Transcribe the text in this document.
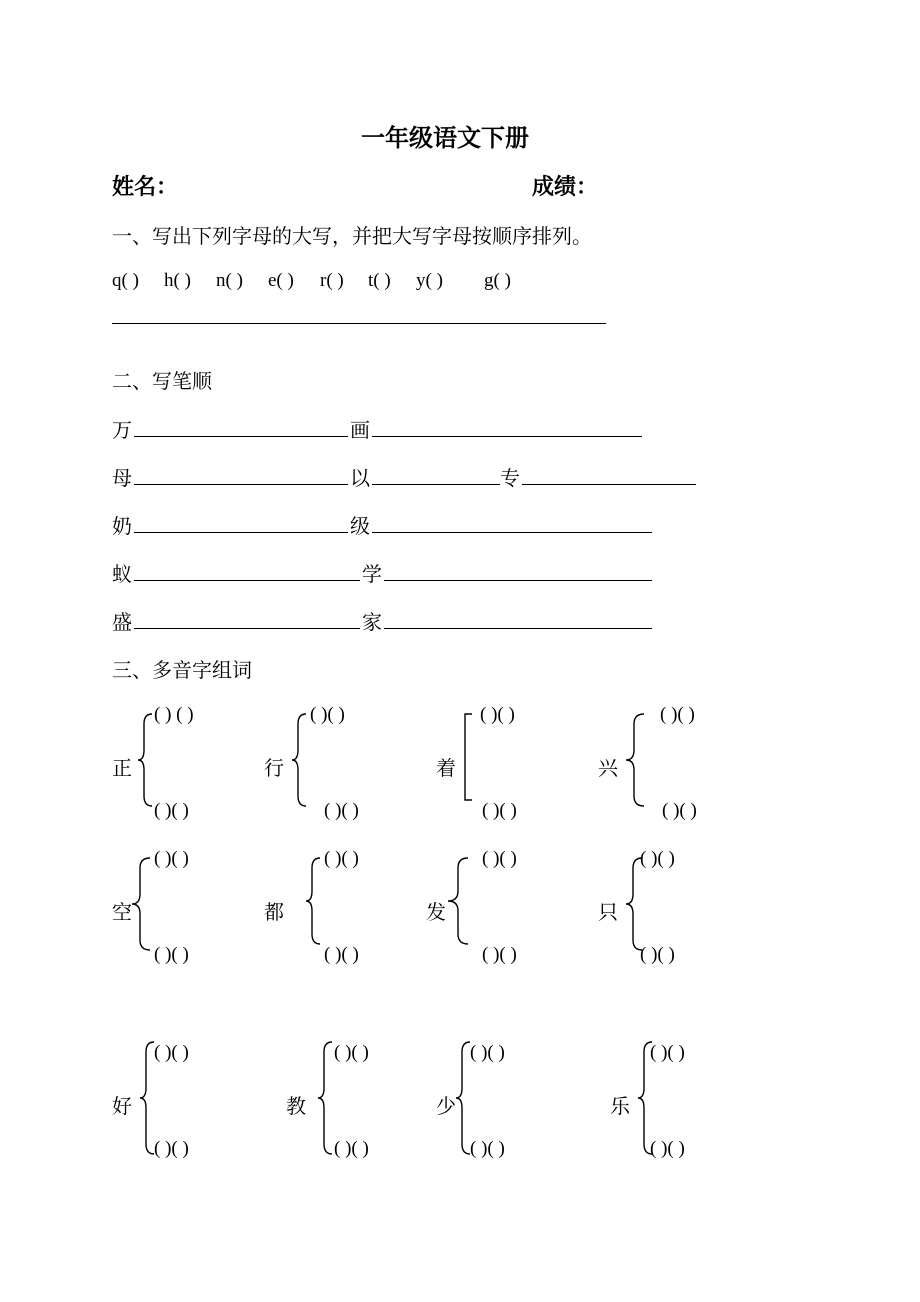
一年级语文下册
姓名：	成绩：
一、写出下列字母的大写，并把大写字母按顺序排列。
q( ) h( ) n( ) e( ) r( ) t( ) y( ) g( )
——————————————————————————
二、写笔顺
万	画
母	以	专
奶	级
蚁	学
盛	家
三、多音字组词
正
( ) ( )
( )( )
行
( )( )
( )( )
着
( )( )
( )( )
兴
( )( )
( )( )
空
( )( )
( )( )
都
( )( )
( )( )
发
( )( )
( )( )
只
( )( )
( )( )
好
( )( )
( )( )
教
( )( )
( )( )
少
( )( )
( )( )
乐
( )( )
( )( )
